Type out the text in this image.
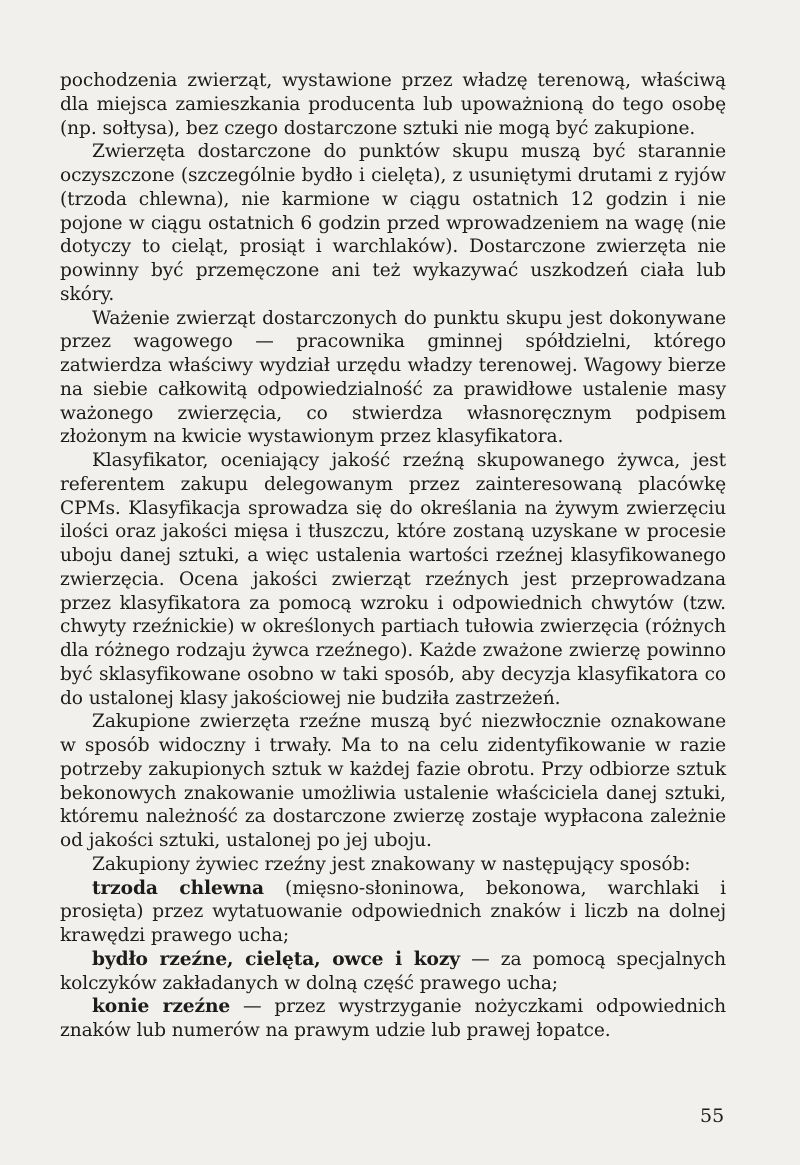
pochodzenia zwierząt, wystawione przez władzę terenową, właściwą dla miejsca zamieszkania producenta lub upoważnioną do tego osobę (np. sołtysa), bez czego dostarczone sztuki nie mogą być zakupione.

Zwierzęta dostarczone do punktów skupu muszą być starannie oczyszczone (szczególnie bydło i cielęta), z usuniętymi drutami z ryjów (trzoda chlewna), nie karmione w ciągu ostatnich 12 godzin i nie pojone w ciągu ostatnich 6 godzin przed wprowadzeniem na wagę (nie dotyczy to cieląt, prosiąt i warchlaków). Dostarczone zwierzęta nie powinny być przemęczone ani też wykazywać uszkodzeń ciała lub skóry.

Ważenie zwierząt dostarczonych do punktu skupu jest dokonywane przez wagowego — pracownika gminnej spółdzielni, którego zatwierdza właściwy wydział urzędu władzy terenowej. Wagowy bierze na siebie całkowitą odpowiedzialność za prawidłowe ustalenie masy ważonego zwierzęcia, co stwierdza własnoręcznym podpisem złożonym na kwicie wystawionym przez klasyfikatora.

Klasyfikator, oceniający jakość rzeźną skupowanego żywca, jest referentem zakupu delegowanym przez zainteresowaną placówkę CPMs. Klasyfikacja sprowadza się do określania na żywym zwierzęciu ilości oraz jakości mięsa i tłuszczu, które zostaną uzyskane w procesie uboju danej sztuki, a więc ustalenia wartości rzeźnej klasyfikowanego zwierzęcia. Ocena jakości zwierząt rzeźnych jest przeprowadzana przez klasyfikatora za pomocą wzroku i odpowiednich chwytów (tzw. chwyty rzeźnickie) w określonych partiach tułowia zwierzęcia (różnych dla różnego rodzaju żywca rzeźnego). Każde zważone zwierzę powinno być sklasyfikowane osobno w taki sposób, aby decyzja klasyfikatora co do ustalonej klasy jakościowej nie budziła zastrzeżeń.

Zakupione zwierzęta rzeźne muszą być niezwłocznie oznakowane w sposób widoczny i trwały. Ma to na celu zidentyfikowanie w razie potrzeby zakupionych sztuk w każdej fazie obrotu. Przy odbiorze sztuk bekonowych znakowanie umożliwia ustalenie właściciela danej sztuki, któremu należność za dostarczone zwierzę zostaje wypłacona zależnie od jakości sztuki, ustalonej po jej uboju.

Zakupiony żywiec rzeźny jest znakowany w następujący sposób:

trzoda chlewna (mięsno-słoninowa, bekonowa, warchlaki i prosięta) przez wytatuowanie odpowiednich znaków i liczb na dolnej krawędzi prawego ucha;

bydło rzeźne, cielęta, owce i kozy — za pomocą specjalnych kolczyków zakładanych w dolną część prawego ucha;

konie rzeźne — przez wystrzyganie nożyczkami odpowiednich znaków lub numerów na prawym udzie lub prawej łopatce.

55
